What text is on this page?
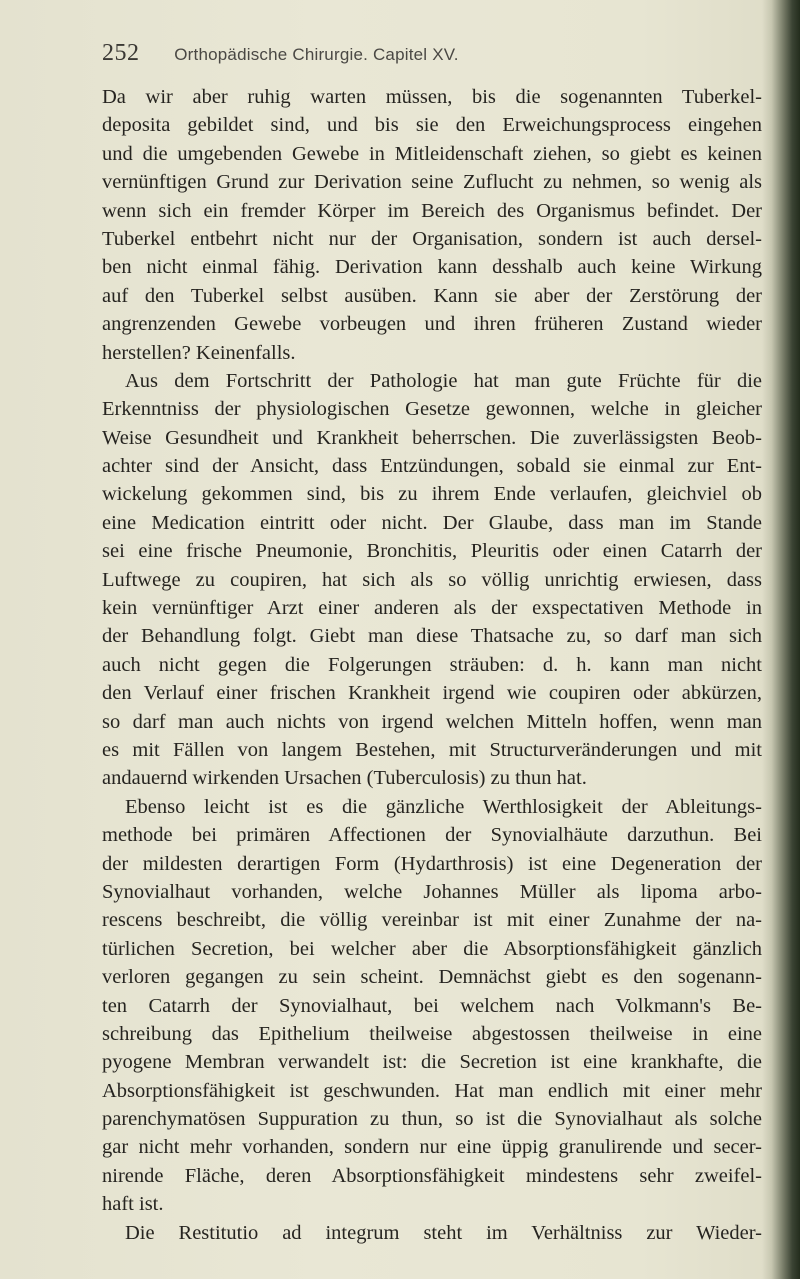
252 Orthopädische Chirurgie. Capitel XV.
Da wir aber ruhig warten müssen, bis die sogenannten Tuberkel-
deposita gebildet sind, und bis sie den Erweichungsprocess eingehen
und die umgebenden Gewebe in Mitleidenschaft ziehen, so giebt es keinen
vernünftigen Grund zur Derivation seine Zuflucht zu nehmen, so wenig als
wenn sich ein fremder Körper im Bereich des Organismus befindet. Der
Tuberkel entbehrt nicht nur der Organisation, sondern ist auch dersel-
ben nicht einmal fähig. Derivation kann desshalb auch keine Wirkung
auf den Tuberkel selbst ausüben. Kann sie aber der Zerstörung der
angrenzenden Gewebe vorbeugen und ihren früheren Zustand wieder
herstellen? Keinenfalls.
Aus dem Fortschritt der Pathologie hat man gute Früchte für die
Erkenntniss der physiologischen Gesetze gewonnen, welche in gleicher
Weise Gesundheit und Krankheit beherrschen. Die zuverlässigsten Beob-
achter sind der Ansicht, dass Entzündungen, sobald sie einmal zur Ent-
wickelung gekommen sind, bis zu ihrem Ende verlaufen, gleichviel ob
eine Medication eintritt oder nicht. Der Glaube, dass man im Stande
sei eine frische Pneumonie, Bronchitis, Pleuritis oder einen Catarrh der
Luftwege zu coupiren, hat sich als so völlig unrichtig erwiesen, dass
kein vernünftiger Arzt einer anderen als der exspectativen Methode in
der Behandlung folgt. Giebt man diese Thatsache zu, so darf man sich
auch nicht gegen die Folgerungen sträuben: d. h. kann man nicht
den Verlauf einer frischen Krankheit irgend wie coupiren oder abkürzen,
so darf man auch nichts von irgend welchen Mitteln hoffen, wenn man
es mit Fällen von langem Bestehen, mit Structurveränderungen und mit
andauernd wirkenden Ursachen (Tuberculosis) zu thun hat.
Ebenso leicht ist es die gänzliche Werthlosigkeit der Ableitungs-
methode bei primären Affectionen der Synovialhäute darzuthun. Bei
der mildesten derartigen Form (Hydarthrosis) ist eine Degeneration der
Synovialhaut vorhanden, welche Johannes Müller als lipoma arbo-
rescens beschreibt, die völlig vereinbar ist mit einer Zunahme der na-
türlichen Secretion, bei welcher aber die Absorptionsfähigkeit gänzlich
verloren gegangen zu sein scheint. Demnächst giebt es den sogenann-
ten Catarrh der Synovialhaut, bei welchem nach Volkmann's Be-
schreibung das Epithelium theilweise abgestossen theilweise in eine
pyogene Membran verwandelt ist: die Secretion ist eine krankhafte, die
Absorptionsfähigkeit ist geschwunden. Hat man endlich mit einer mehr
parenchymatösen Suppuration zu thun, so ist die Synovialhaut als solche
gar nicht mehr vorhanden, sondern nur eine üppig granulirende und secer-
nirende Fläche, deren Absorptionsfähigkeit mindestens sehr zweifel-
haft ist.
Die Restitutio ad integrum steht im Verhältniss zur Wieder-
